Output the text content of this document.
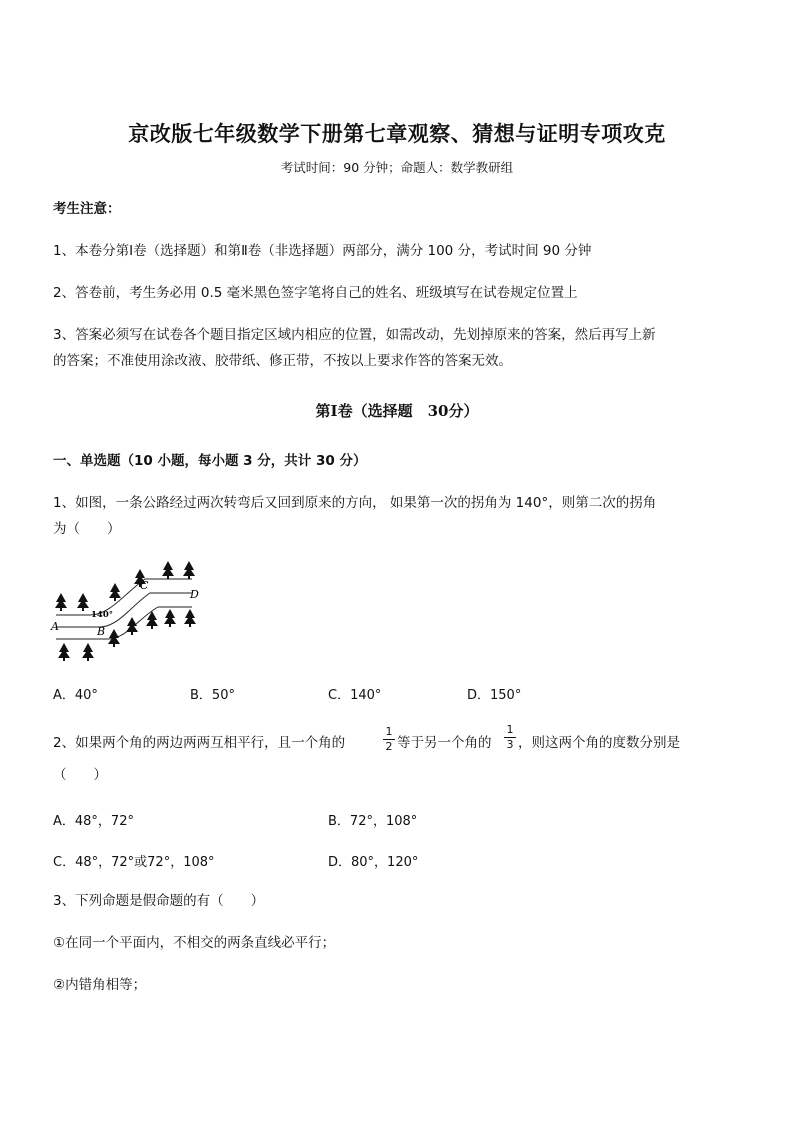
京改版七年级数学下册第七章观察、猜想与证明专项攻克
考试时间：90 分钟；命题人：数学教研组
考生注意：
1、本卷分第Ⅰ卷（选择题）和第Ⅱ卷（非选择题）两部分，满分 100 分，考试时间 90 分钟
2、答卷前，考生务必用 0.5 毫米黑色签字笔将自己的姓名、班级填写在试卷规定位置上
3、答案必须写在试卷各个题目指定区域内相应的位置，如需改动，先划掉原来的答案，然后再写上新
的答案；不准使用涂改液、胶带纸、修正带，不按以上要求作答的答案无效。
第Ⅰ卷（选择题　30分）
一、单选题（10 小题，每小题 3 分，共计 30 分）
1、如图，一条公路经过两次转弯后又回到原来的方向， 如果第一次的拐角为 140°，则第二次的拐角
为（　　）
A	B
C
D
140°
A．40°	B．50°	C．140°	D．150°
2、如果两个角的两边两两互相平行，且一个角的
1
2 等于另一个角的
1
3 ，则这两个角的度数分别是
（　　）
A．48°，72°	B．72°，108°
C．48°，72°或72°，108°	D．80°，120°
3、下列命题是假命题的有（　　）
①在同一个平面内，不相交的两条直线必平行；
②内错角相等；
